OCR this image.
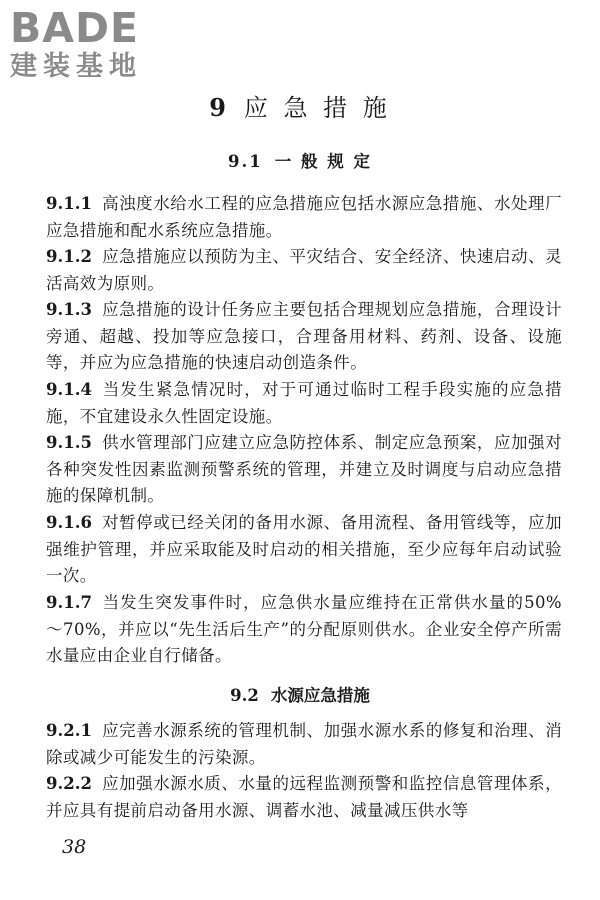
BADE
建装基地
9 应 急 措 施
9.1 一 般 规 定
9.1.1 高浊度水给水工程的应急措施应包括水源应急措施、水处理厂应急措施和配水系统应急措施。
9.1.2 应急措施应以预防为主、平灾结合、安全经济、快速启动、灵活高效为原则。
9.1.3 应急措施的设计任务应主要包括合理规划应急措施，合理设计旁通、超越、投加等应急接口，合理备用材料、药剂、设备、设施等，并应为应急措施的快速启动创造条件。
9.1.4 当发生紧急情况时，对于可通过临时工程手段实施的应急措施，不宜建设永久性固定设施。
9.1.5 供水管理部门应建立应急防控体系、制定应急预案，应加强对各种突发性因素监测预警系统的管理，并建立及时调度与启动应急措施的保障机制。
9.1.6 对暂停或已经关闭的备用水源、备用流程、备用管线等，应加强维护管理，并应采取能及时启动的相关措施，至少应每年启动试验一次。
9.1.7 当发生突发事件时，应急供水量应维持在正常供水量的50%～70%，并应以“先生活后生产”的分配原则供水。企业安全停产所需水量应由企业自行储备。
9.2 水源应急措施
9.2.1 应完善水源系统的管理机制、加强水源水系的修复和治理、消除或减少可能发生的污染源。
9.2.2 应加强水源水质、水量的远程监测预警和监控信息管理体系，并应具有提前启动备用水源、调蓄水池、减量减压供水等
38
